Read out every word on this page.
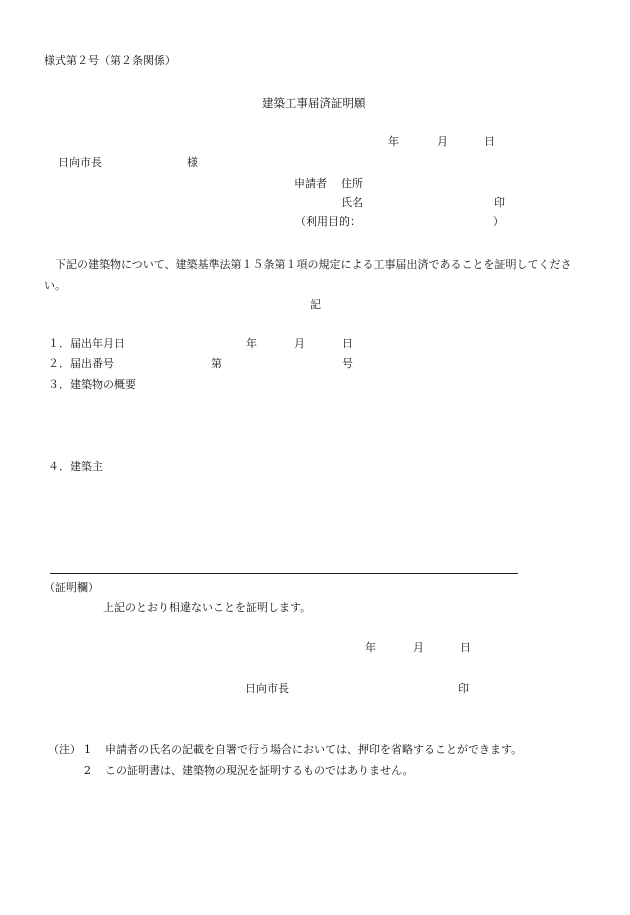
様式第２号（第２条関係）
建築工事届済証明願
年	月	日
日向市長	様
申請者 住所
氏名	印
（利用目的：	）
下記の建築物について、建築基準法第１５条第１項の規定による工事届出済であることを証明してください。
記
１．届出年月日	年	月	日
２．届出番号	第	号
３．建築物の概要
４．建築主
（証明欄）
上記のとおり相違ないことを証明します。
年	月	日
日向市長	印
（注） 1 申請者の氏名の記載を自署で行う場合においては、押印を省略することができます。
2 この証明書は、建築物の現況を証明するものではありません。
